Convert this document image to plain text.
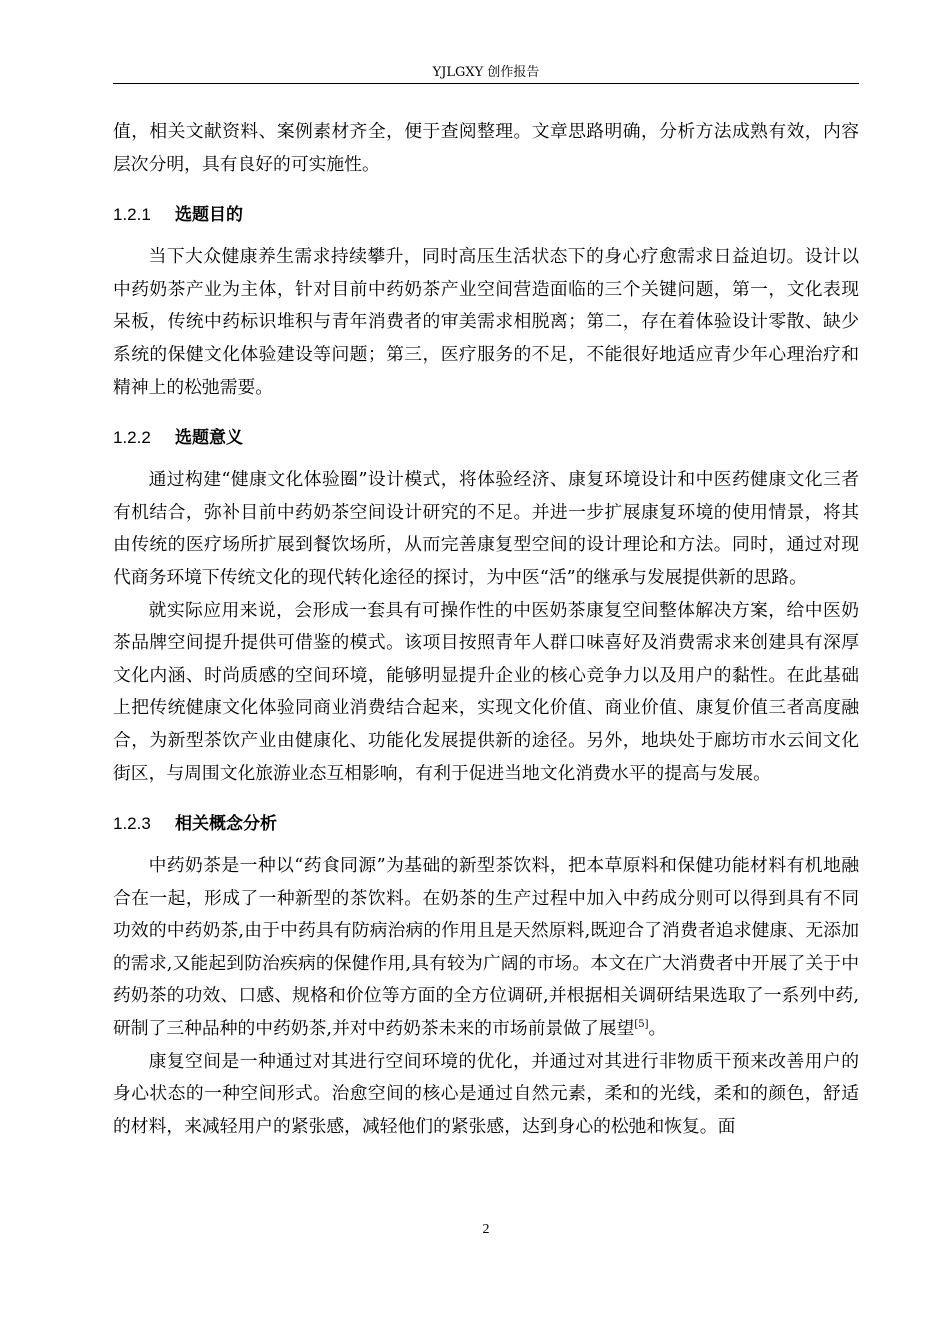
YJLGXY 创作报告

值，相关文献资料、案例素材齐全，便于查阅整理。文章思路明确，分析方法成熟有效，内容层次分明，具有良好的可实施性。

1.2.1 选题目的

当下大众健康养生需求持续攀升，同时高压生活状态下的身心疗愈需求日益迫切。设计以中药奶茶产业为主体，针对目前中药奶茶产业空间营造面临的三个关键问题，第一，文化表现呆板，传统中药标识堆积与青年消费者的审美需求相脱离；第二，存在着体验设计零散、缺少系统的保健文化体验建设等问题；第三，医疗服务的不足，不能很好地适应青少年心理治疗和精神上的松弛需要。

1.2.2 选题意义

通过构建“健康文化体验圈”设计模式，将体验经济、康复环境设计和中医药健康文化三者有机结合，弥补目前中药奶茶空间设计研究的不足。并进一步扩展康复环境的使用情景，将其由传统的医疗场所扩展到餐饮场所，从而完善康复型空间的设计理论和方法。同时，通过对现代商务环境下传统文化的现代转化途径的探讨，为中医“活”的继承与发展提供新的思路。

就实际应用来说，会形成一套具有可操作性的中医奶茶康复空间整体解决方案，给中医奶茶品牌空间提升提供可借鉴的模式。该项目按照青年人群口味喜好及消费需求来创建具有深厚文化内涵、时尚质感的空间环境，能够明显提升企业的核心竞争力以及用户的黏性。在此基础上把传统健康文化体验同商业消费结合起来，实现文化价值、商业价值、康复价值三者高度融合，为新型茶饮产业由健康化、功能化发展提供新的途径。另外，地块处于廊坊市水云间文化街区，与周围文化旅游业态互相影响，有利于促进当地文化消费水平的提高与发展。

1.2.3 相关概念分析

中药奶茶是一种以“药食同源”为基础的新型茶饮料，把本草原料和保健功能材料有机地融合在一起，形成了一种新型的茶饮料。在奶茶的生产过程中加入中药成分则可以得到具有不同功效的中药奶茶,由于中药具有防病治病的作用且是天然原料,既迎合了消费者追求健康、无添加的需求,又能起到防治疾病的保健作用,具有较为广阔的市场。本文在广大消费者中开展了关于中药奶茶的功效、口感、规格和价位等方面的全方位调研,并根据相关调研结果选取了一系列中药,研制了三种品种的中药奶茶,并对中药奶茶未来的市场前景做了展望[5]。

康复空间是一种通过对其进行空间环境的优化，并通过对其进行非物质干预来改善用户的身心状态的一种空间形式。治愈空间的核心是通过自然元素，柔和的光线，柔和的颜色，舒适的材料，来减轻用户的紧张感，减轻他们的紧张感，达到身心的松弛和恢复。面

2
